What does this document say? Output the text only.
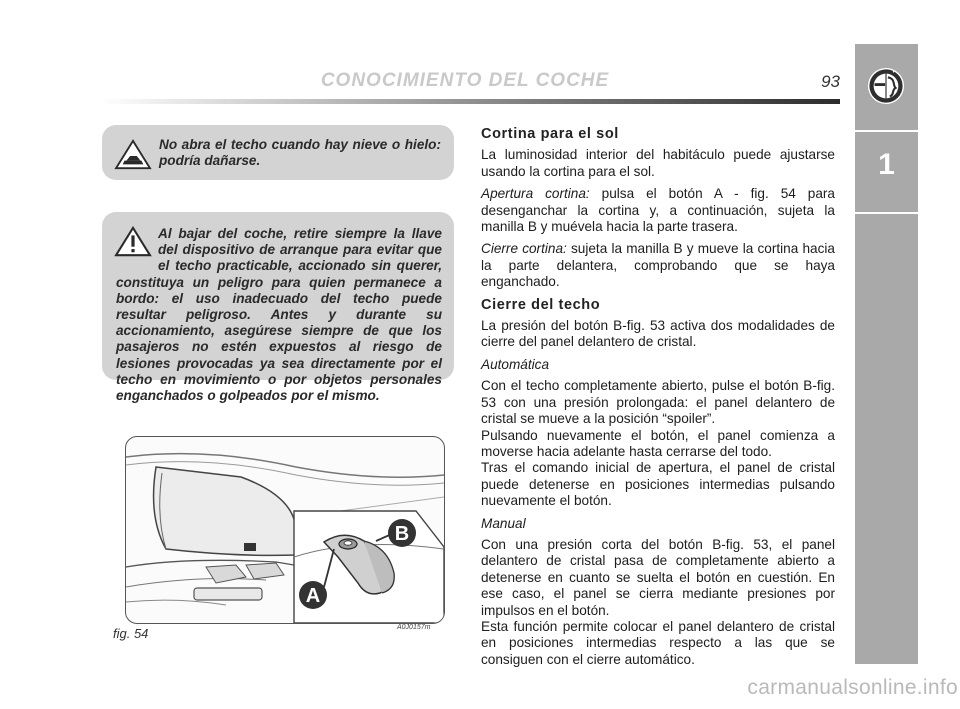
CONOCIMIENTO DEL COCHE	93
1
No abra el techo cuando hay nieve o hielo: podría dañarse.
Al bajar del coche, retire siempre la llave del dispositivo de arranque para evitar que el techo practicable, accionado sin querer, constituya un peligro para quien permanece a bordo: el uso inadecuado del techo puede resultar peligroso. Antes y durante su accionamiento, asegúrese siempre de que los pasajeros no estén expuestos al riesgo de lesiones provocadas ya sea directamente por el techo en movimiento o por objetos personales enganchados o golpeados por el mismo.
B
A
fig. 54	A0J0157m
Cortina para el sol

La luminosidad interior del habitáculo puede ajustarse usando la cortina para el sol.

Apertura cortina: pulsa el botón A - fig. 54 para desenganchar la cortina y, a continuación, sujeta la manilla B y muévela hacia la parte trasera.

Cierre cortina: sujeta la manilla B y mueve la cortina hacia la parte delantera, comprobando que se haya enganchado.

Cierre del techo

La presión del botón B-fig. 53 activa dos modalidades de cierre del panel delantero de cristal.

Automática

Con el techo completamente abierto, pulse el botón B-fig. 53 con una presión prolongada: el panel delantero de cristal se mueve a la posición “spoiler”.

Pulsando nuevamente el botón, el panel comienza a moverse hacia adelante hasta cerrarse del todo.

Tras el comando inicial de apertura, el panel de cristal puede detenerse en posiciones intermedias pulsando nuevamente el botón.

Manual

Con una presión corta del botón B-fig. 53, el panel delantero de cristal pasa de completamente abierto a detenerse en cuanto se suelta el botón en cuestión. En ese caso, el panel se cierra mediante presiones por impulsos en el botón.

Esta función permite colocar el panel delantero de cristal en posiciones intermedias respecto a las que se consiguen con el cierre automático.

carmanualsonline.info
